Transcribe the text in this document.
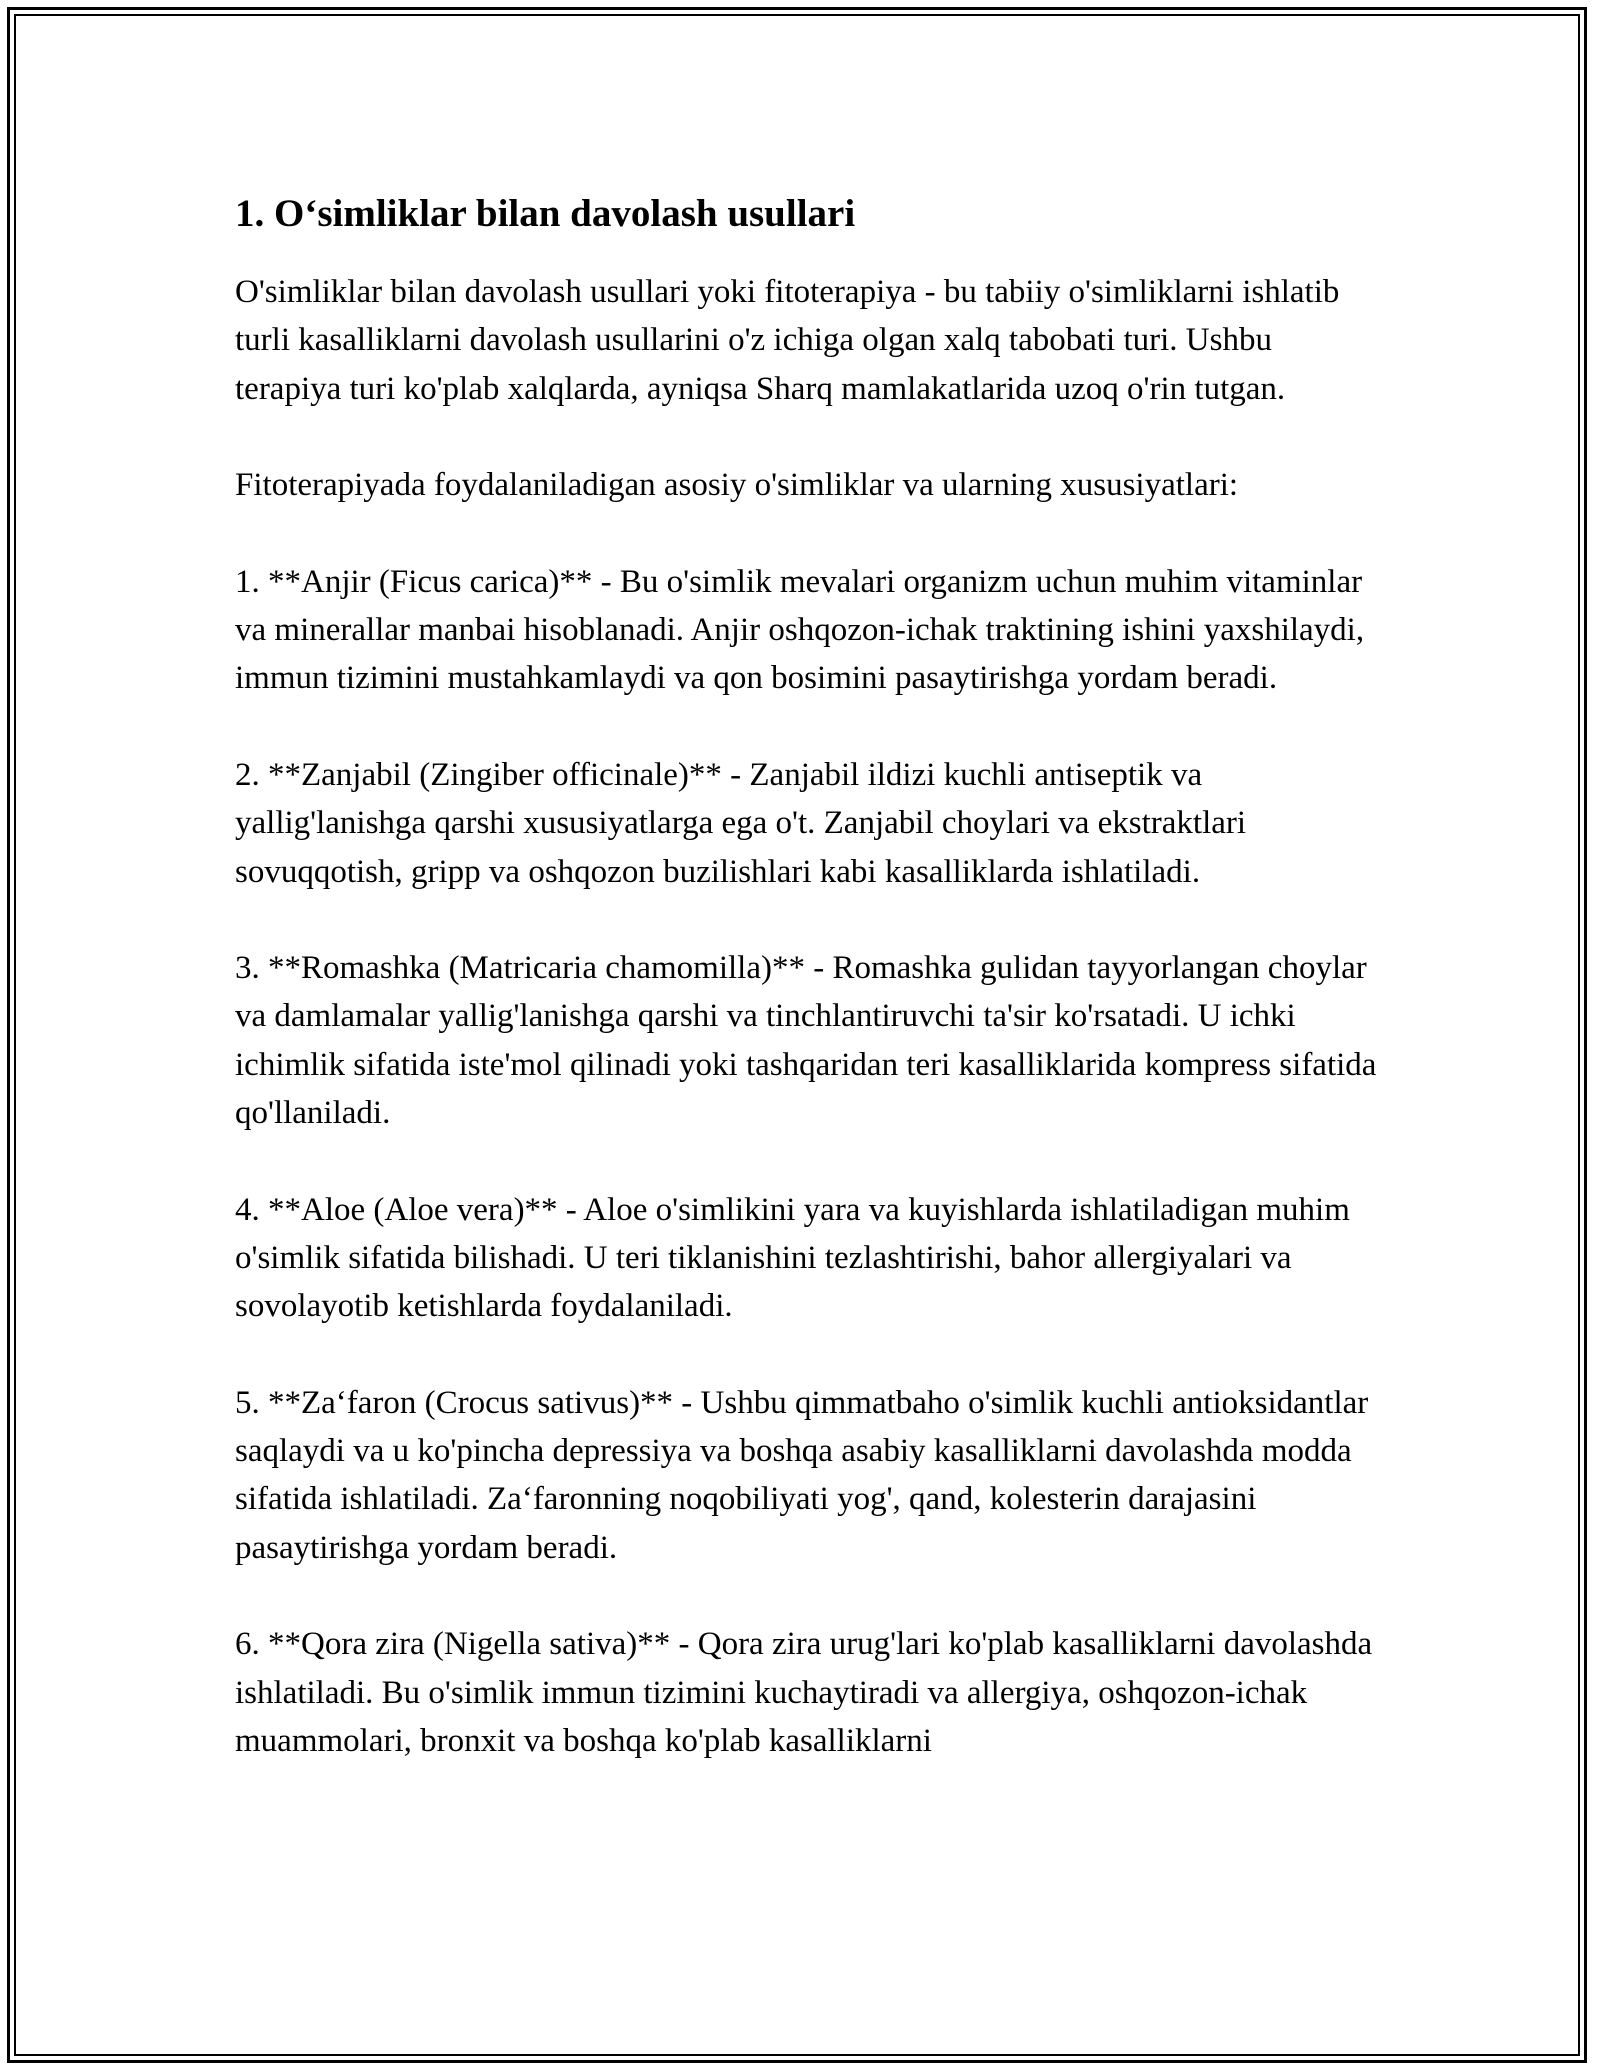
1. O‘simliklar bilan davolash usullari

O'simliklar bilan davolash usullari yoki fitoterapiya - bu tabiiy o'simliklarni ishlatib turli kasalliklarni davolash usullarini o'z ichiga olgan xalq tabobati turi. Ushbu terapiya turi ko'plab xalqlarda, ayniqsa Sharq mamlakatlarida uzoq o'rin tutgan.

Fitoterapiyada foydalaniladigan asosiy o'simliklar va ularning xususiyatlari:

1. **Anjir (Ficus carica)** - Bu o'simlik mevalari organizm uchun muhim vitaminlar va minerallar manbai hisoblanadi. Anjir oshqozon-ichak traktining ishini yaxshilaydi, immun tizimini mustahkamlaydi va qon bosimini pasaytirishga yordam beradi.

2. **Zanjabil (Zingiber officinale)** - Zanjabil ildizi kuchli antiseptik va yallig'lanishga qarshi xususiyatlarga ega o't. Zanjabil choylari va ekstraktlari sovuqqotish, gripp va oshqozon buzilishlari kabi kasalliklarda ishlatiladi.

3. **Romashka (Matricaria chamomilla)** - Romashka gulidan tayyorlangan choylar va damlamalar yallig'lanishga qarshi va tinchlantiruvchi ta'sir ko'rsatadi. U ichki ichimlik sifatida iste'mol qilinadi yoki tashqaridan teri kasalliklarida kompress sifatida qo'llaniladi.

4. **Aloe (Aloe vera)** - Aloe o'simlikini yara va kuyishlarda ishlatiladigan muhim o'simlik sifatida bilishadi. U teri tiklanishini tezlashtirishi, bahor allergiyalari va sovolayotib ketishlarda foydalaniladi.

5. **Za‘faron (Crocus sativus)** - Ushbu qimmatbaho o'simlik kuchli antioksidantlar saqlaydi va u ko'pincha depressiya va boshqa asabiy kasalliklarni davolashda modda sifatida ishlatiladi. Za‘faronning noqobiliyati yog', qand, kolesterin darajasini pasaytirishga yordam beradi.

6. **Qora zira (Nigella sativa)** - Qora zira urug'lari ko'plab kasalliklarni davolashda ishlatiladi. Bu o'simlik immun tizimini kuchaytiradi va allergiya, oshqozon-ichak muammolari, bronxit va boshqa ko'plab kasalliklarni
